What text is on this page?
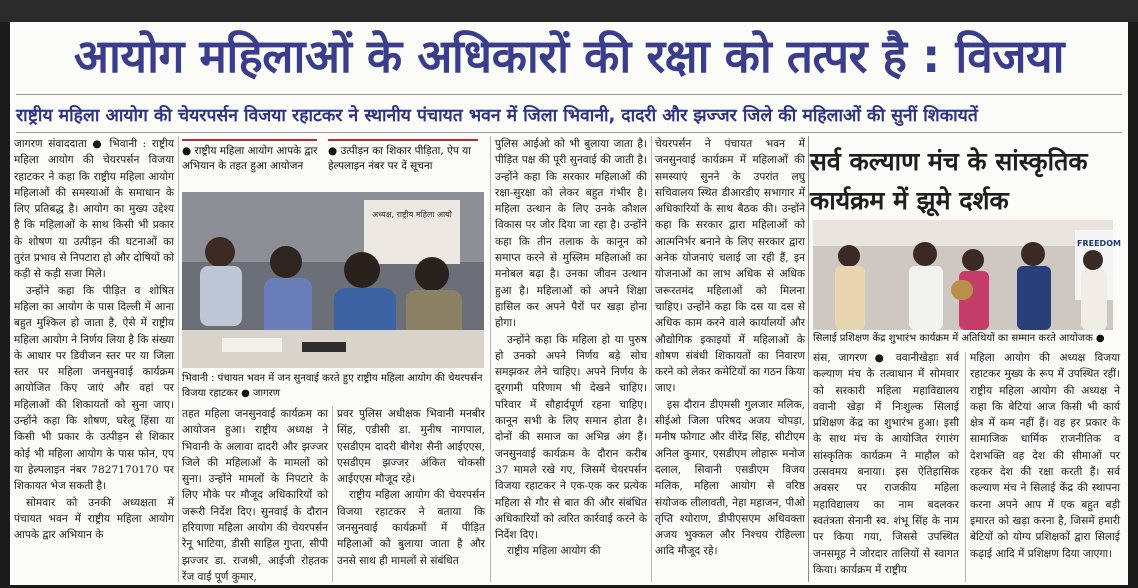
आयोग महिलाओं के अधिकारों की रक्षा को तत्पर है : विजया
राष्ट्रीय महिला आयोग की चेयरपर्सन विजया रहाटकर ने स्थानीय पंचायत भवन में जिला भिवानी, दादरी और झज्जर जिले की महिलाओं की सुनीं शिकायतें

जागरण संवाददाता ● भिवानी : राष्ट्रीय महिला आयोग की चेयरपर्सन विजया रहाटकर ने कहा कि राष्ट्रीय महिला आयोग महिलाओं की समस्याओं के समाधान के लिए प्रतिबद्ध है। आयोग का मुख्य उद्देश्य है कि महिलाओं के साथ किसी भी प्रकार के शोषण या उत्पीड़न की घटनाओं का तुरंत प्रभाव से निपटारा हो और दोषियों को कड़ी से कड़ी सजा मिले।

उन्होंने कहा कि पीड़ित व शोषित महिला का आयोग के पास दिल्ली में आना बहुत मुश्किल हो जाता है, ऐसे में राष्ट्रीय महिला आयोग ने निर्णय लिया है कि संख्या के आधार पर डिवीजन स्तर पर या जिला स्तर पर महिला जनसुनवाई कार्यक्रम आयोजित किए जाएं और वहां पर महिलाओं की शिकायतों को सुना जाए। उन्होंने कहा कि शोषण, घरेलू हिंसा या किसी भी प्रकार के उत्पीड़न से शिकार कोई भी महिला आयोग के पास फोन, एप या हेल्पलाइन नंबर 7827170170 पर शिकायत भेज सकती है।

सोमवार को उनकी अध्यक्षता में पंचायत भवन में राष्ट्रीय महिला आयोग आपके द्वार अभियान के

● राष्ट्रीय महिला आयोग आपके द्वार अभियान के तहत हुआ आयोजन
● उत्पीड़न का शिकार पीड़िता, ऐप या हेल्पलाइन नंबर पर दें सूचना
अध्यक्ष, राष्ट्रीय महिला आयो
भिवानी : पंचायत भवन में जन सुनवाई करते हुए राष्ट्रीय महिला आयोग की चेयरपर्सन विजया रहाटकर ● जागरण
तहत महिला जनसुनवाई कार्यक्रम का आयोजन हुआ। राष्ट्रीय अध्यक्ष ने भिवानी के अलावा दादरी और झज्जर जिले की महिलाओं के मामलों को सुना। उन्होंने मामलों के निपटारे के लिए मौके पर मौजूद अधिकारियों को जरूरी निर्देश दिए। सुनवाई के दौरान हरियाणा महिला आयोग की चेयरपर्सन रेनू भाटिया, डीसी साहिल गुप्ता, सीपी झज्जर डा. राजश्री, आईजी रोहतक रेंज वाई पूर्ण कुमार,

प्रवर पुलिस अधीक्षक भिवानी मनबीर सिंह, एडीसी डा. मुनीष नागपाल, एसडीएम दादरी बीगेश सैनी आईएएस, एसडीएम झज्जर अंकित चोकसी आईएएस मौजूद रहे।

राष्ट्रीय महिला आयोग की चेयरपर्सन विजया रहाटकर ने बताया कि जनसुनवाई कार्यक्रमों में पीड़ित महिलाओं को बुलाया जाता है और उनसे साथ ही मामलों से संबंधित

पुलिस आईओ को भी बुलाया जाता है। पीड़ित पक्ष की पूरी सुनवाई की जाती है। उन्होंने कहा कि सरकार महिलाओं की रक्षा-सुरक्षा को लेकर बहुत गंभीर है। महिला उत्थान के लिए उनके कौशल विकास पर जोर दिया जा रहा है। उन्होंने कहा कि तीन तलाक के कानून को समाप्त करने से मुस्लिम महिलाओं का मनोबल बढ़ा है। उनका जीवन उत्थान हुआ है। महिलाओं को अपने शिक्षा हासिल कर अपने पैरों पर खड़ा होना होगा।

उन्होंने कहा कि महिला हो या पुरुष हो उनको अपने निर्णय बड़े सोच समझकर लेने चाहिए। अपने निर्णय के दूरगामी परिणाम भी देखने चाहिए। परिवार में सौहार्दपूर्ण रहना चाहिए। कानून सभी के लिए समान होता है। दोनों की समाज का अभिन्न अंग हैं। जनसुनवाई कार्यक्रम के दौरान करीब 37 मामले रखे गए, जिसमें चेयरपर्सन विजया रहाटकर ने एक-एक कर प्रत्येक महिला से गौर से बात की और संबंधित अधिकारियों को त्वरित कार्रवाई करने के निर्देश दिए।

राष्ट्रीय महिला आयोग की

चेयरपर्सन ने पंचायत भवन में जनसुनवाई कार्यक्रम में महिलाओं की समस्याएं सुनने के उपरांत लघु सचिवालय स्थित डीआरडीए सभागार में अधिकारियों के साथ बैठक की। उन्होंने कहा कि सरकार द्वारा महिलाओं को आत्मनिर्भर बनाने के लिए सरकार द्वारा अनेक योजनाएं चलाई जा रही हैं, इन योजनाओं का लाभ अधिक से अधिक जरूरतमंद महिलाओं को मिलना चाहिए। उन्होंने कहा कि दस या दस से अधिक काम करने वाले कार्यालयों और औद्योगिक इकाइयों में महिलाओं के शोषण संबंधी शिकायतों का निवारण करने को लेकर कमेटियों का गठन किया जाए।

इस दौरान डीएमसी गुलजार मलिक, सीईओ जिला परिषद अजय चोपड़ा, मनीष फोगाट और वीरेंद्र सिंह, सीटीएम अनिल कुमार, एसडीएम लोहारू मनोज दलाल, सिवानी एसडीएम विजय मलिक, महिला आयोग से वरिष्ठ संयोजक लीलावती, नेहा महाजन, पीओ तृप्ति श्योराण, डीपीएसएम अधिवक्ता अजय भुक्कल और निश्चय रोहिल्ला आदि मौजूद रहे।

सर्व कल्याण मंच के सांस्कृतिक कार्यक्रम में झूमे दर्शक
FREEDOM
सिलाई प्रशिक्षण केंद्र शुभारंभ कार्यक्रम में अतिथियों का सम्मान करते आयोजक ●
संस, जागरण ● ववानीखेड़ाः सर्व कल्याण मंच के तत्वाधान में सोमवार को सरकारी महिला महाविद्यालय ववानी खेड़ा में निःशुल्क सिलाई प्रशिक्षण केंद्र का शुभारंभ हुआ। इसी के साथ मंच के आयोजित रंगारंग सांस्कृतिक कार्यक्रम ने माहौल को उत्सवमय बनाया। इस ऐतिहासिक अवसर पर राजकीय महिला महाविद्यालय का नाम बदलकर स्वतंत्रता सेनानी स्व. शंभू सिंह के नाम पर किया गया, जिससे उपस्थित जनसमूह ने जोरदार तालियों से स्वागत किया। कार्यक्रम में राष्ट्रीय
महिला आयोग की अध्यक्ष विजया रहाटकर मुख्य के रूप में उपस्थित रहीं। राष्ट्रीय महिला आयोग की अध्यक्ष ने कहा कि बेटियां आज किसी भी कार्य क्षेत्र में कम नहीं हैं। वह हर प्रकार के सामाजिक धार्मिक राजनीतिक व देशभक्ति वह देश की सीमाओं पर रहकर देश की रक्षा करती हैं। सर्व कल्याण मंच ने सिलाई केंद्र की स्थापना करना अपने आप में एक बहुत बड़ी इमारत को खड़ा करना है, जिसमें हमारी बेटियों को योग्य प्रशिक्षकों द्वारा सिलाई कढ़ाई आदि में प्रशिक्षण दिया जाएगा।
